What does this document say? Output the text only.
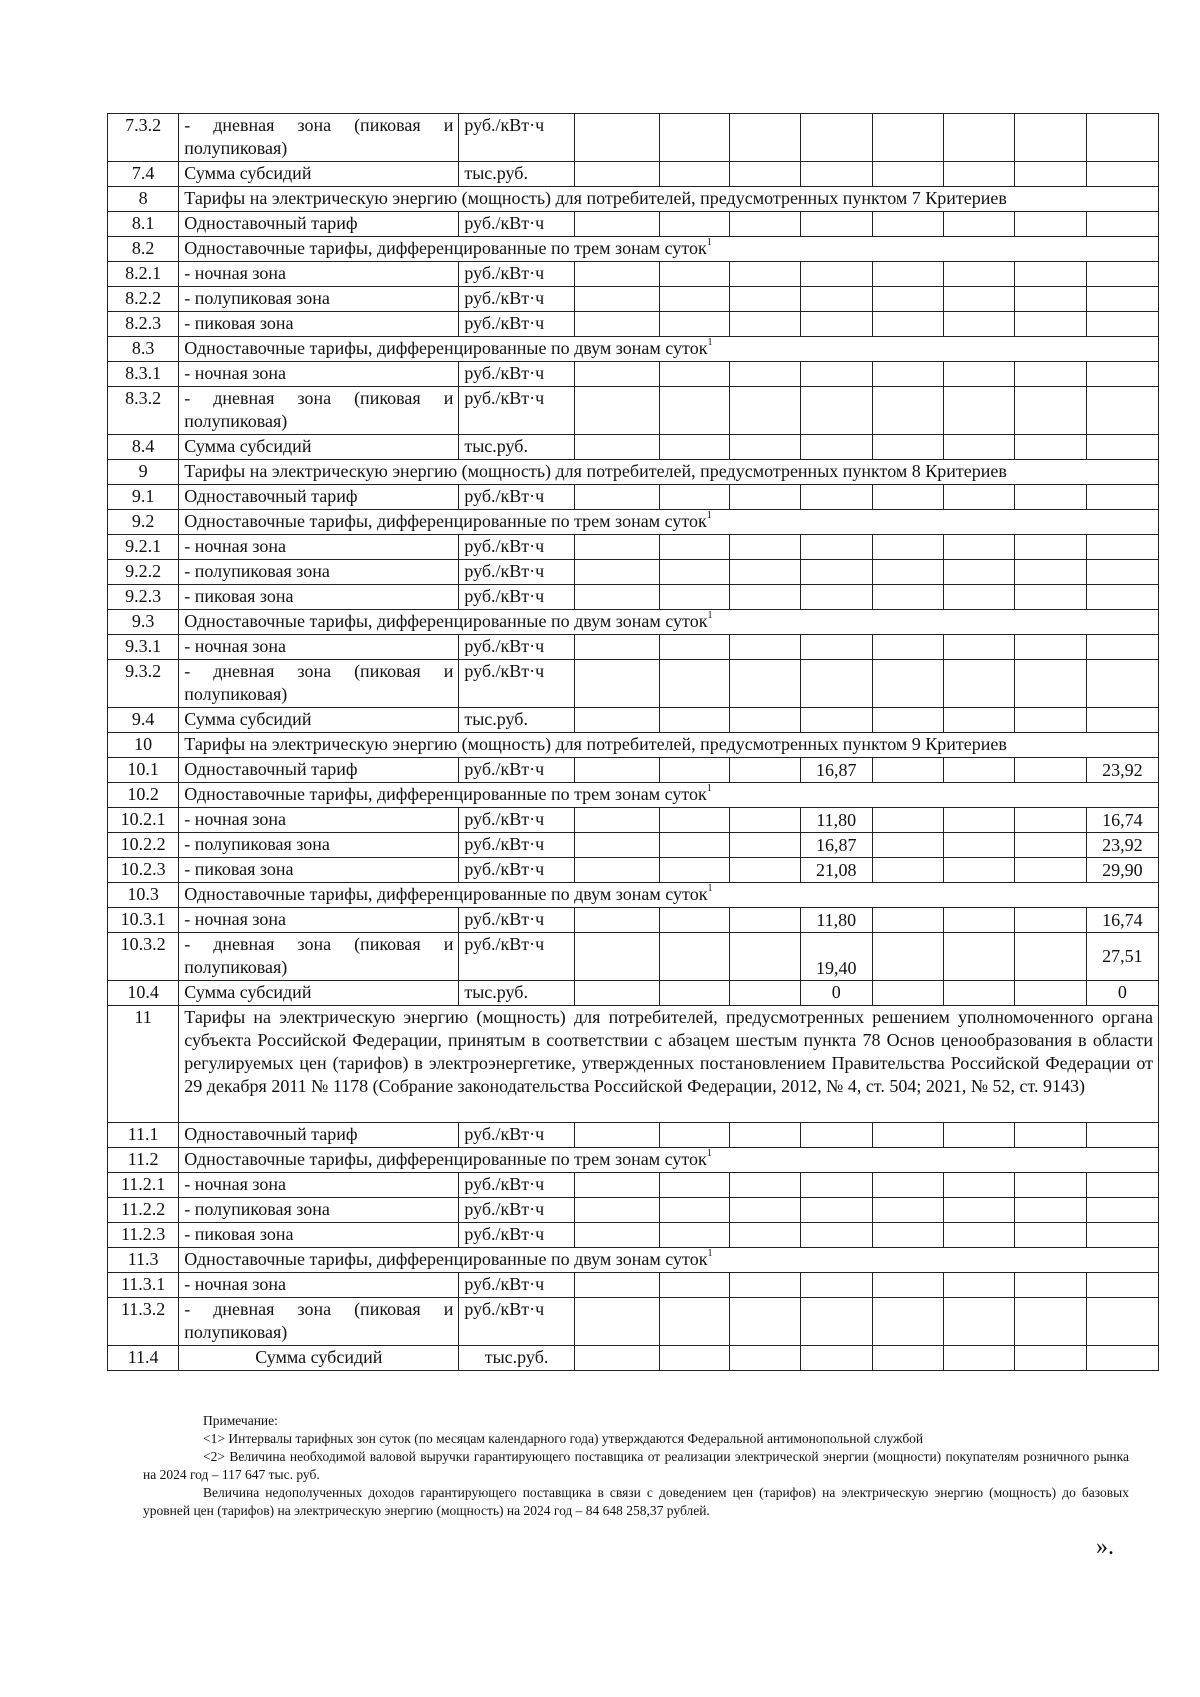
7.3.2	- дневная зона (пиковая и полупиковая)	руб./кВт·ч								
7.4	Сумма субсидий	тыс.руб.								
8	Тарифы на электрическую энергию (мощность) для потребителей, предусмотренных пунктом 7 Критериев									
8.1	Одноставочный тариф	руб./кВт·ч								
8.2	Одноставочные тарифы, дифференцированные по трем зонам суток$^1$
8.2.1	- ночная зона	руб./кВт·ч								
8.2.2	- полупиковая зона	руб./кВт·ч								
8.2.3	- пиковая зона	руб./кВт·ч								
8.3	Одноставочные тарифы, дифференцированные по двум зонам суток$^1$
8.3.1	- ночная зона	руб./кВт·ч								
8.3.2	- дневная зона (пиковая и полупиковая)	руб./кВт·ч								
8.4	Сумма субсидий	тыс.руб.								
9	Тарифы на электрическую энергию (мощность) для потребителей, предусмотренных пунктом 8 Критериев									
9.1	Одноставочный тариф	руб./кВт·ч								
9.2	Одноставочные тарифы, дифференцированные по трем зонам суток$^1$
9.2.1	- ночная зона	руб./кВт·ч								
9.2.2	- полупиковая зона	руб./кВт·ч								
9.2.3	- пиковая зона	руб./кВт·ч								
9.3	Одноставочные тарифы, дифференцированные по двум зонам суток$^1$
9.3.1	- ночная зона	руб./кВт·ч								
9.3.2	- дневная зона (пиковая и полупиковая)	руб./кВт·ч								
9.4	Сумма субсидий	тыс.руб.								
10	Тарифы на электрическую энергию (мощность) для потребителей, предусмотренных пунктом 9 Критериев									
10.1	Одноставочный тариф	руб./кВт·ч				16,87				23,92
10.2	Одноставочные тарифы, дифференцированные по трем зонам суток$^1$
10.2.1	- ночная зона	руб./кВт·ч				11,80				16,74
10.2.2	- полупиковая зона	руб./кВт·ч				16,87				23,92
10.2.3	- пиковая зона	руб./кВт·ч				21,08				29,90
10.3	Одноставочные тарифы, дифференцированные по двум зонам суток$^1$
10.3.1	- ночная зона	руб./кВт·ч				11,80				16,74
10.3.2	- дневная зона (пиковая и полупиковая)	руб./кВт·ч				19,40				27,51
10.4	Сумма субсидий	тыс.руб.				0				0
11	Тарифы на электрическую энергию (мощность) для потребителей, предусмотренных решением уполномоченного органа субъекта Российской Федерации, принятым в соответствии с абзацем шестым пункта 78 Основ ценообразования в области регулируемых цен (тарифов) в электроэнергетике, утвержденных постановлением Правительства Российской Федерации от 29 декабря 2011 № 1178 (Собрание законодательства Российской Федерации, 2012, № 4, ст. 504; 2021, № 52, ст. 9143)									
11.1	Одноставочный тариф	руб./кВт·ч								
11.2	Одноставочные тарифы, дифференцированные по трем зонам суток$^1$
11.2.1	- ночная зона	руб./кВт·ч								
11.2.2	- полупиковая зона	руб./кВт·ч								
11.2.3	- пиковая зона	руб./кВт·ч								
11.3	Одноставочные тарифы, дифференцированные по двум зонам суток$^1$
11.3.1	- ночная зона	руб./кВт·ч								
11.3.2	- дневная зона (пиковая и полупиковая)	руб./кВт·ч								
11.4	Сумма субсидий	тыс.руб.								

Примечание:

<1> Интервалы тарифных зон суток (по месяцам календарного года) утверждаются Федеральной антимонопольной службой

<2> Величина необходимой валовой выручки гарантирующего поставщика от реализации электрической энергии (мощности) покупателям розничного рынка на 2024 год – 117 647 тыс. руб.

Величина недополученных доходов гарантирующего поставщика в связи с доведением цен (тарифов) на электрическую энергию (мощность) до базовых уровней цен (тарифов) на электрическую энергию (мощность) на 2024 год – 84 648 258,37 рублей.

».
